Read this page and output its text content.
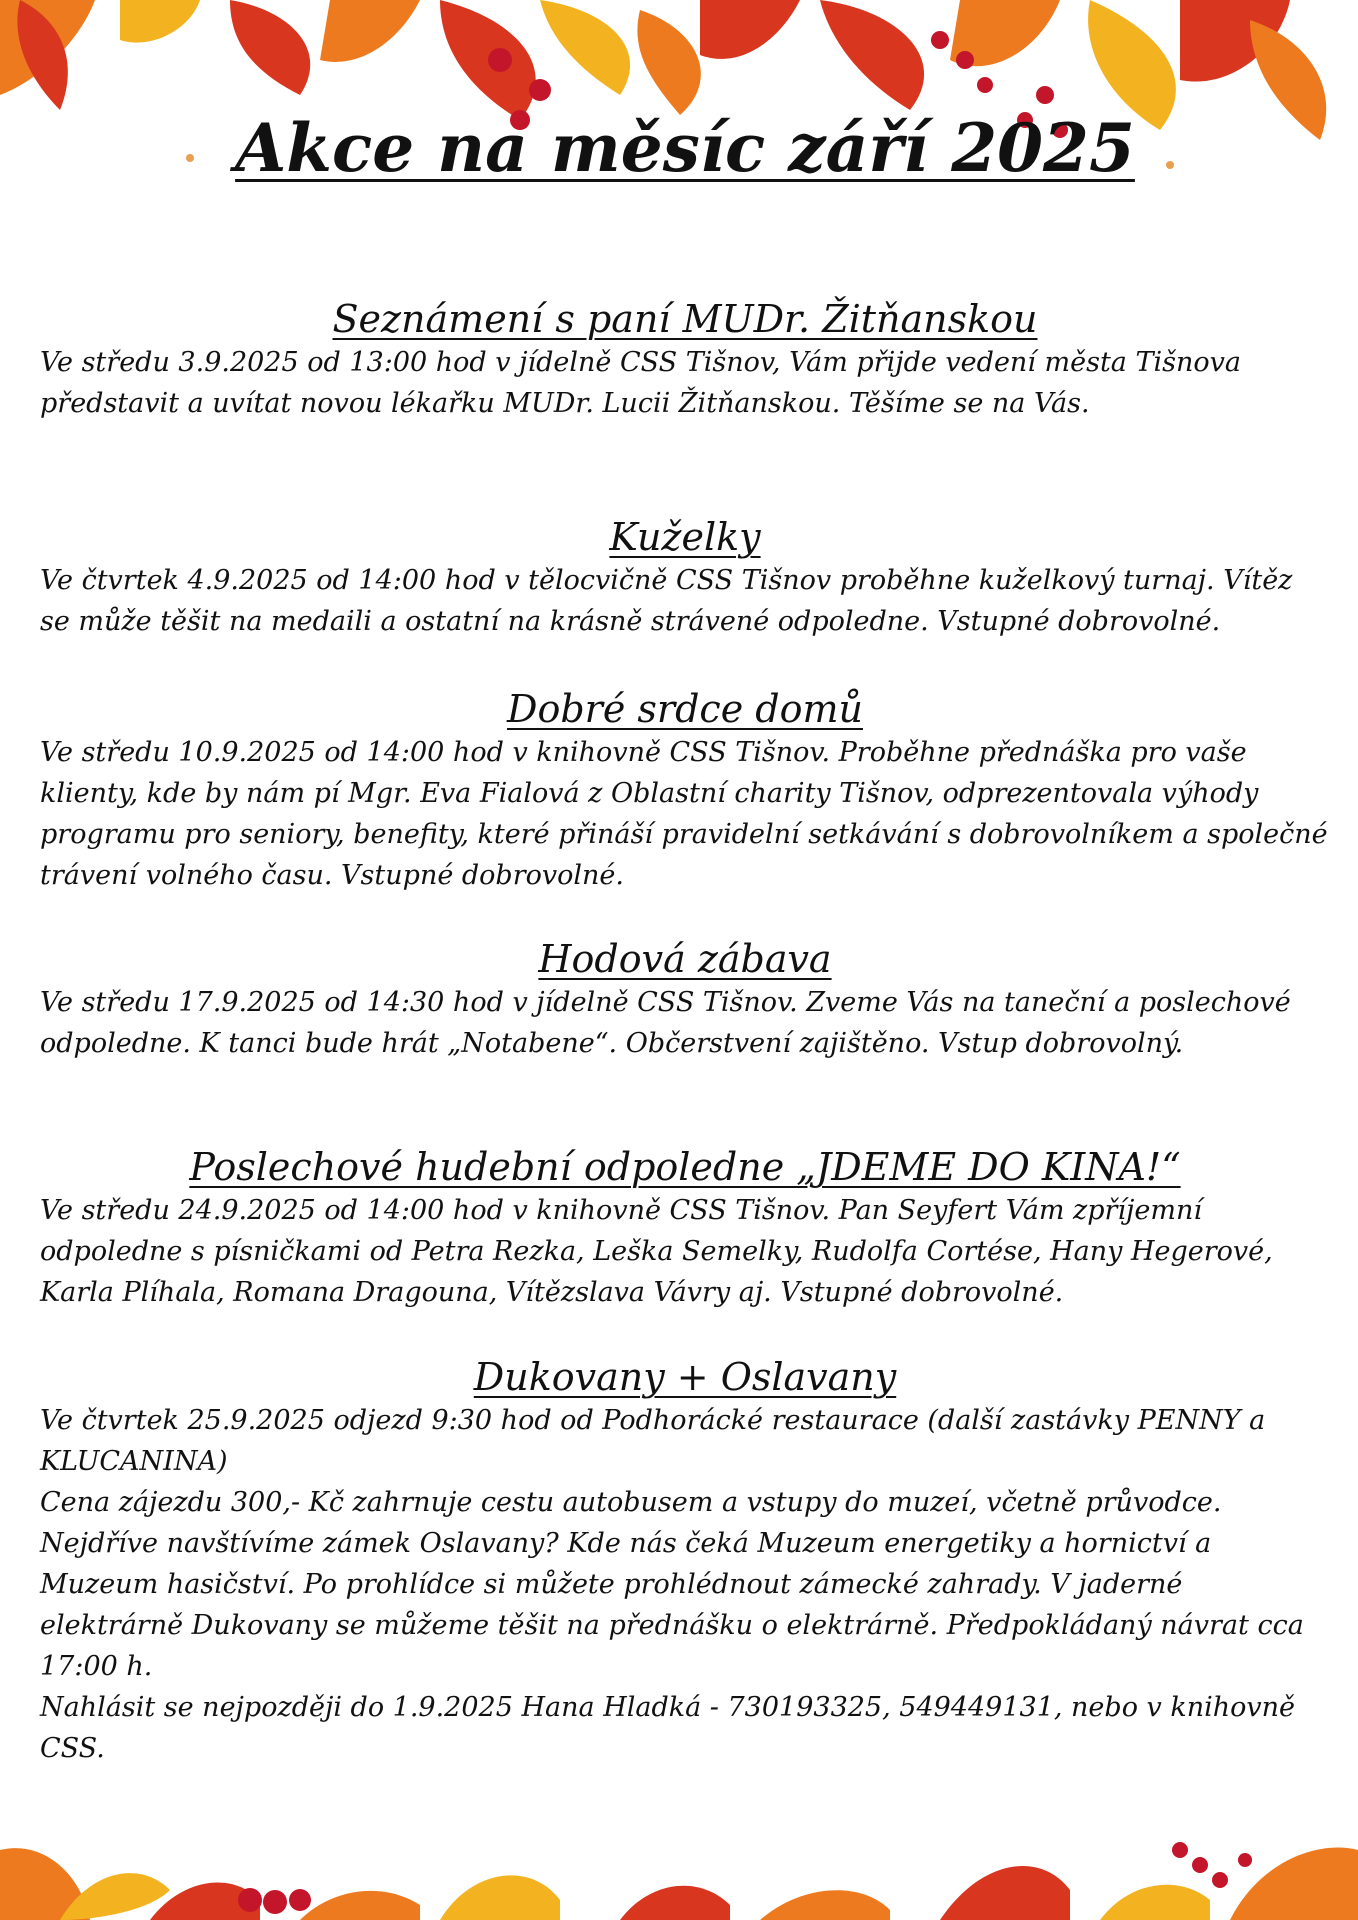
Akce na měsíc září 2025
Seznámení s paní MUDr. Žitňanskou

Ve středu 3.9.2025 od 13:00 hod v jídelně CSS Tišnov, Vám přijde vedení města Tišnova představit a uvítat novou lékařku MUDr. Lucii Žitňanskou. Těšíme se na Vás.

Kuželky

Ve čtvrtek 4.9.2025 od 14:00 hod v tělocvičně CSS Tišnov proběhne kuželkový turnaj. Vítěz se může těšit na medaili a ostatní na krásně strávené odpoledne. Vstupné dobrovolné.

Dobré srdce domů

Ve středu 10.9.2025 od 14:00 hod v knihovně CSS Tišnov. Proběhne přednáška pro vaše klienty, kde by nám pí Mgr. Eva Fialová z Oblastní charity Tišnov, odprezentovala výhody programu pro seniory, benefity, které přináší pravidelní setkávání s dobrovolníkem a společné trávení volného času. Vstupné dobrovolné.

Hodová zábava

Ve středu 17.9.2025 od 14:30 hod v jídelně CSS Tišnov. Zveme Vás na taneční a poslechové odpoledne. K tanci bude hrát „Notabene“. Občerstvení zajištěno. Vstup dobrovolný.

Poslechové hudební odpoledne „JDEME DO KINA!“

Ve středu 24.9.2025 od 14:00 hod v knihovně CSS Tišnov. Pan Seyfert Vám zpříjemní odpoledne s písničkami od Petra Rezka, Leška Semelky, Rudolfa Cortése, Hany Hegerové, Karla Plíhala, Romana Dragouna, Vítězslava Vávry aj. Vstupné dobrovolné.

Dukovany + Oslavany

Ve čtvrtek 25.9.2025 odjezd 9:30 hod od Podhorácké restaurace (další zastávky PENNY a KLUCANINA)

Cena zájezdu 300,- Kč zahrnuje cestu autobusem a vstupy do muzeí, včetně průvodce. Nejdříve navštívíme zámek Oslavany? Kde nás čeká Muzeum energetiky a hornictví a Muzeum hasičství. Po prohlídce si můžete prohlédnout zámecké zahrady. V jaderné elektrárně Dukovany se můžeme těšit na přednášku o elektrárně. Předpokládaný návrat cca 17:00 h.

Nahlásit se nejpozději do 1.9.2025 Hana Hladká - 730193325, 549449131, nebo v knihovně CSS.
